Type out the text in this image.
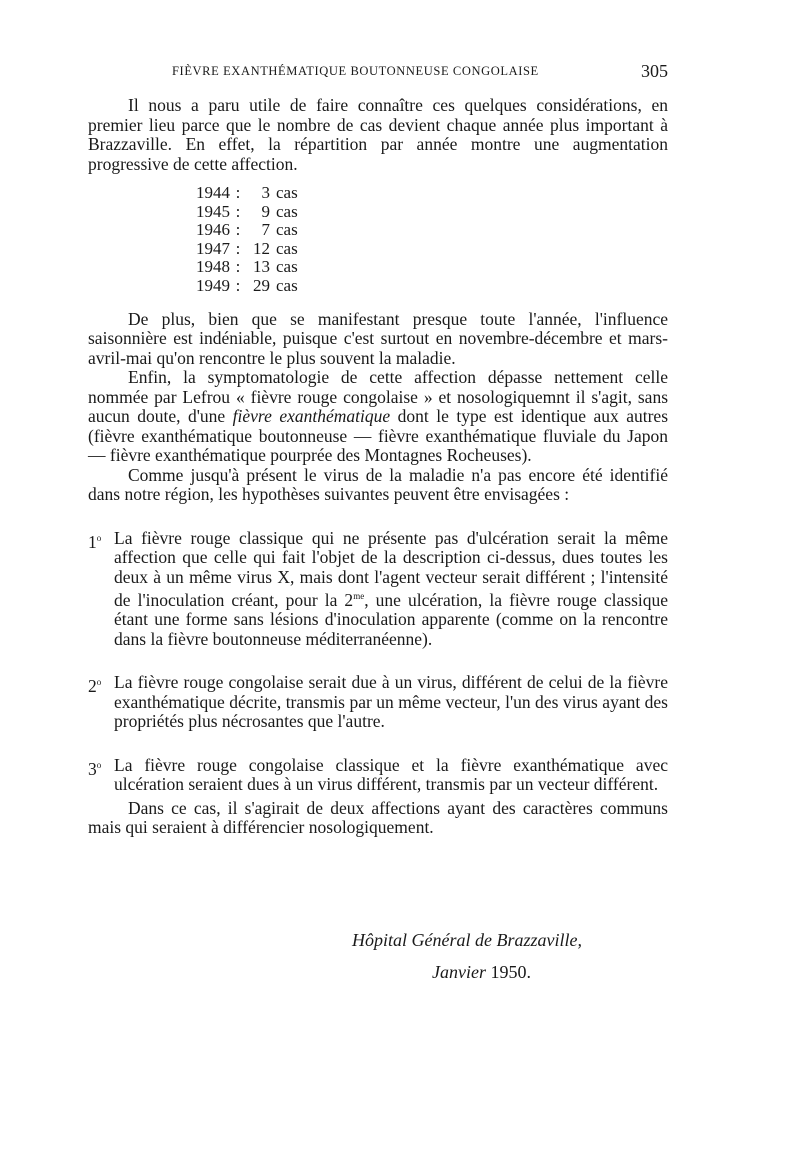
FIÈVRE EXANTHÉMATIQUE BOUTONNEUSE CONGOLAISE	305

Il nous a paru utile de faire connaître ces quelques considérations, en premier lieu parce que le nombre de cas devient chaque année plus important à Brazzaville. En effet, la répartition par année montre une augmentation progressive de cette affection.

1944 :	3 cas
1945 :	9 cas
1946 :	7 cas
1947 : 12 cas
1948 : 13 cas
1949 : 29 cas

De plus, bien que se manifestant presque toute l'année, l'influence saisonnière est indéniable, puisque c'est surtout en novembre-décembre et mars-avril-mai qu'on rencontre le plus souvent la maladie.

Enfin, la symptomatologie de cette affection dépasse nettement celle nommée par Lefrou « fièvre rouge congolaise » et nosologiquemnt il s'agit, sans aucun doute, d'une fièvre exanthématique dont le type est identique aux autres (fièvre exanthématique boutonneuse — fièvre exanthématique fluviale du Japon — fièvre exanthématique pourprée des Montagnes Rocheuses).

Comme jusqu'à présent le virus de la maladie n'a pas encore été identifié dans notre région, les hypothèses suivantes peuvent être envisagées :

1$^o$ La fièvre rouge classique qui ne présente pas d'ulcération serait la même affection que celle qui fait l'objet de la description ci-dessus, dues toutes les deux à un même virus X, mais dont l'agent vecteur serait différent ; l'intensité de l'inoculation créant, pour la $2^{me}$, une ulcération, la fièvre rouge classique étant une forme sans lésions d'inoculation apparente (comme on la rencontre dans la fièvre boutonneuse méditerranéenne).
2$^o$ La fièvre rouge congolaise serait due à un virus, différent de celui de la fièvre exanthématique décrite, transmis par un même vecteur, l'un des virus ayant des propriétés plus nécrosantes que l'autre.
3$^o$ La fièvre rouge congolaise classique et la fièvre exanthématique avec ulcération seraient dues à un virus différent, transmis par un vecteur différent.

Dans ce cas, il s'agirait de deux affections ayant des caractères communs mais qui seraient à différencier nosologiquement.

Hôpital Général de Brazzaville,
Janvier 1950.
